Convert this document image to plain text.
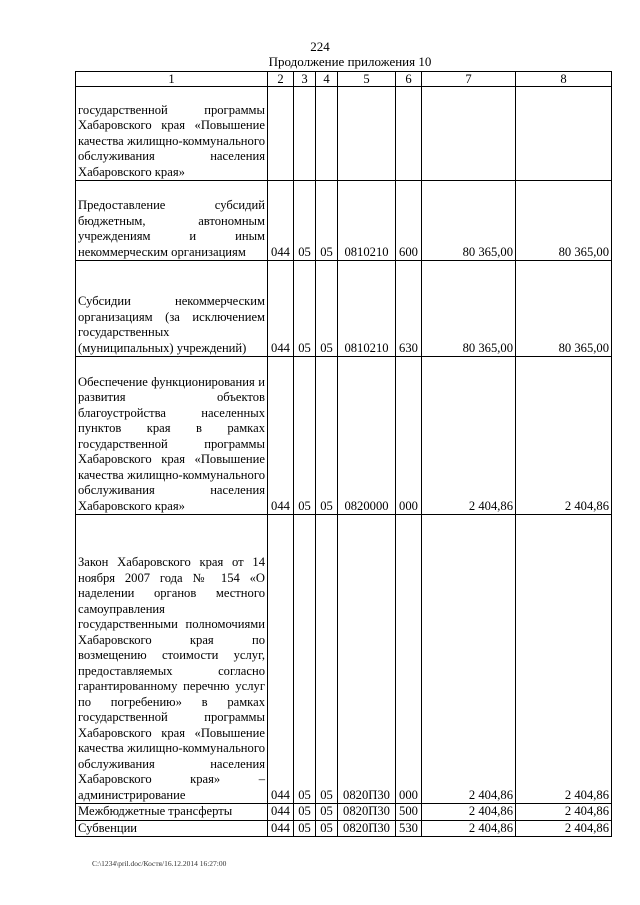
224
Продолжение приложения 10
1	2	3	4	5	6	7	8
государственной программы Хабаровского края «Повышение качества жилищно-коммунального обслуживания населения Хабаровского края»							
Предоставление субсидий бюджетным, автономным учреждениям и иным некоммерческим организациям	044	05	05	0810210	600	80 365,00	80 365,00
Субсидии некоммерческим организациям (за исключением государственных (муниципальных) учреждений)	044	05	05	0810210	630	80 365,00	80 365,00
Обеспечение функционирования и развития объектов благоустройства населенных пунктов края в рамках государственной программы Хабаровского края «Повышение качества жилищно-коммунального обслуживания населения Хабаровского края»	044	05	05	0820000	000	2 404,86	2 404,86
Закон Хабаровского края от 14 ноября 2007 года № 154 «О наделении органов местного самоуправления государственными полномочиями Хабаровского края по возмещению стоимости услуг, предоставляемых согласно гарантированному перечню услуг по погребению» в рамках государственной программы Хабаровского края «Повышение качества жилищно-коммунального обслуживания населения Хабаровского края» – администрирование	044	05	05	0820П30	000	2 404,86	2 404,86
Межбюджетные трансферты	044	05	05	0820П30	500	2 404,86	2 404,86
Субвенции	044	05	05	0820П30	530	2 404,86	2 404,86
C:\1234\pril.doc/Костя/16.12.2014 16:27:00
